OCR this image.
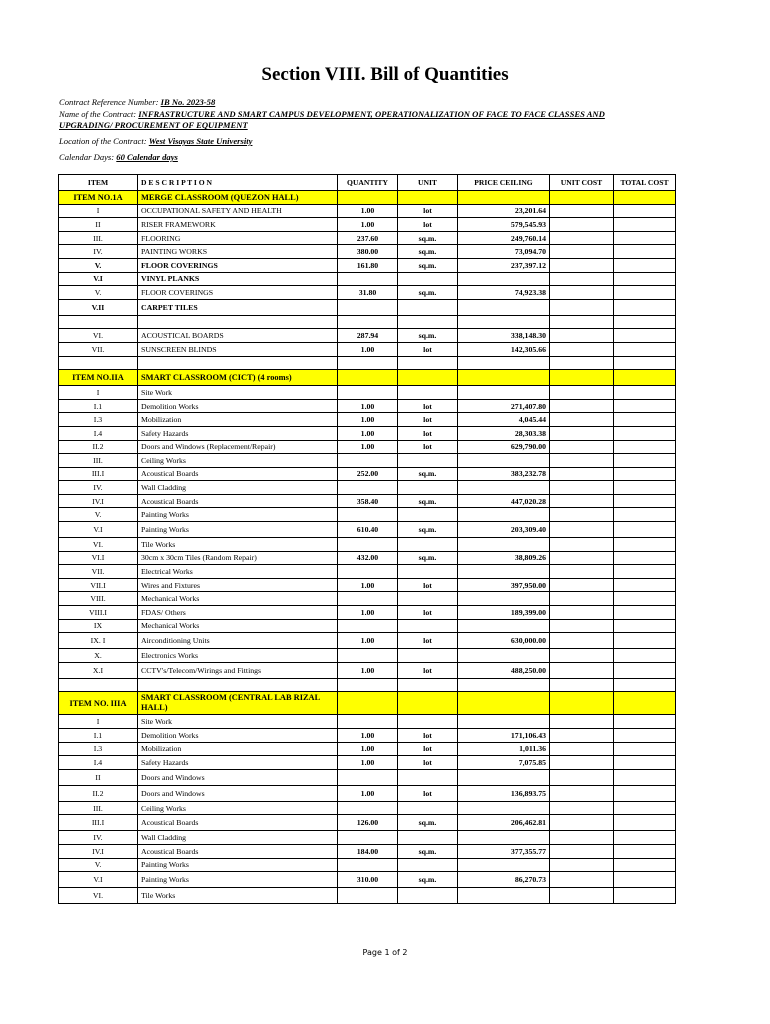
Section VIII. Bill of Quantities
Contract Reference Number: IB No. 2023-58
Name of the Contract: INFRASTRUCTURE AND SMART CAMPUS DEVELOPMENT, OPERATIONALIZATION OF FACE TO FACE CLASSES AND UPGRADING/ PROCUREMENT OF EQUIPMENT
Location of the Contract: West Visayas State University
Calendar Days: 60 Calendar days
ITEM	D E S C R I P T I O N	QUANTITY	UNIT	PRICE CEILING	UNIT COST	TOTAL COST
ITEM NO.1A	MERGE CLASSROOM (QUEZON HALL)					
I	OCCUPATIONAL SAFETY AND HEALTH	1.00	lot	23,201.64		
II	RISER FRAMEWORK	1.00	lot	579,545.93		
III.	FLOORING	237.60	sq.m.	249,760.14		
IV.	PAINTING WORKS	380.00	sq.m.	73,094.70		
V.	FLOOR COVERINGS	161.80	sq.m.	237,397.12		
V.I	VINYL PLANKS					
V.	FLOOR COVERINGS	31.80	sq.m.	74,923.38		
V.II	CARPET TILES					

VI.	ACOUSTICAL BOARDS	287.94	sq.m.	338,148.30		
VII.	SUNSCREEN BLINDS	1.00	lot	142,305.66		

ITEM NO.IIA	SMART CLASSROOM (CICT) (4 rooms)					
I	Site Work					
I.1	Demolition Works	1.00	lot	271,407.80		
I.3	Mobilization	1.00	lot	4,045.44		
I.4	Safety Hazards	1.00	lot	28,303.38		
II.2	Doors and Windows (Replacement/Repair)	1.00	lot	629,790.00		
III.	Ceiling Works					
III.I	Acoustical Boards	252.00	sq.m.	383,232.78		
IV.	Wall Cladding					
IV.I	Acoustical Boards	358.40	sq.m.	447,020.28		
V.	Painting Works					
V.I	Painting Works	610.40	sq.m.	203,309.40		
VI.	Tile Works					
VI.I	30cm x 30cm Tiles (Random Repair)	432.00	sq.m.	38,809.26		
VII.	Electrical Works					
VII.I	Wires and Fixtures	1.00	lot	397,950.00		
VIII.	Mechanical Works					
VIII.I	FDAS/ Others	1.00	lot	189,399.00		
IX	Mechanical Works					
IX. I	Airconditioning Units	1.00	lot	630,000.00		
X.	Electronics Works					
X.I	CCTV's/Telecom/Wirings and Fittings	1.00	lot	488,250.00		

ITEM NO. IIIA	SMART CLASSROOM (CENTRAL LAB RIZAL HALL)					
I	Site Work					
I.1	Demolition Works	1.00	lot	171,106.43		
I.3	Mobilization	1.00	lot	1,011.36		
I.4	Safety Hazards	1.00	lot	7,075.85		
II	Doors and Windows					
II.2	Doors and Windows	1.00	lot	136,893.75		
III.	Ceiling Works					
III.I	Acoustical Boards	126.00	sq.m.	206,462.81		
IV.	Wall Cladding					
IV.I	Acoustical Boards	184.00	sq.m.	377,355.77		
V.	Painting Works					
V.I	Painting Works	310.00	sq.m.	86,270.73		
VI.	Tile Works					
Page 1 of 2
